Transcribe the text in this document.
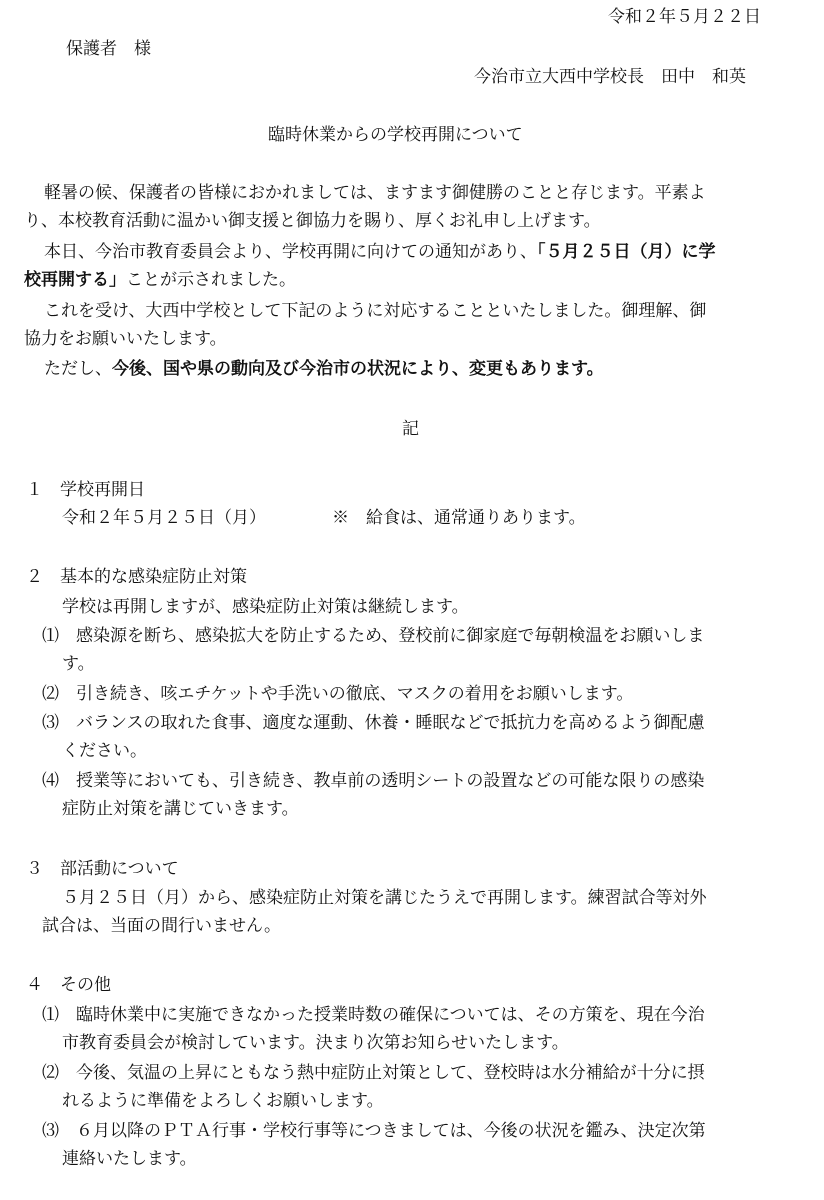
令和２年５月２２日
保護者　様
今治市立大西中学校長　田中　和英
臨時休業からの学校再開について
軽暑の候、保護者の皆様におかれましては、ますます御健勝のことと存じます。平素よ
り、本校教育活動に温かい御支援と御協力を賜り、厚くお礼申し上げます。
本日、今治市教育委員会より、学校再開に向けての通知があり、「５月２５日（月）に学
校再開する」ことが示されました。
これを受け、大西中学校として下記のように対応することといたしました。御理解、御
協力をお願いいたします。
ただし、今後、国や県の動向及び今治市の状況により、変更もあります。
記
１　学校再開日
令和２年５月２５日（月）	※　給食は、通常通りあります。
２　基本的な感染症防止対策
学校は再開しますが、感染症防止対策は継続します。
⑴　感染源を断ち、感染拡大を防止するため、登校前に御家庭で毎朝検温をお願いしま
す。
⑵　引き続き、咳エチケットや手洗いの徹底、マスクの着用をお願いします。
⑶　バランスの取れた食事、適度な運動、休養・睡眠などで抵抗力を高めるよう御配慮
ください。
⑷　授業等においても、引き続き、教卓前の透明シートの設置などの可能な限りの感染
症防止対策を講じていきます。
３　部活動について
５月２５日（月）から、感染症防止対策を講じたうえで再開します。練習試合等対外
試合は、当面の間行いません。
４　その他
⑴　臨時休業中に実施できなかった授業時数の確保については、その方策を、現在今治
市教育委員会が検討しています。決まり次第お知らせいたします。
⑵　今後、気温の上昇にともなう熱中症防止対策として、登校時は水分補給が十分に摂
れるように準備をよろしくお願いします。
⑶　６月以降のＰＴＡ行事・学校行事等につきましては、今後の状況を鑑み、決定次第
連絡いたします。
